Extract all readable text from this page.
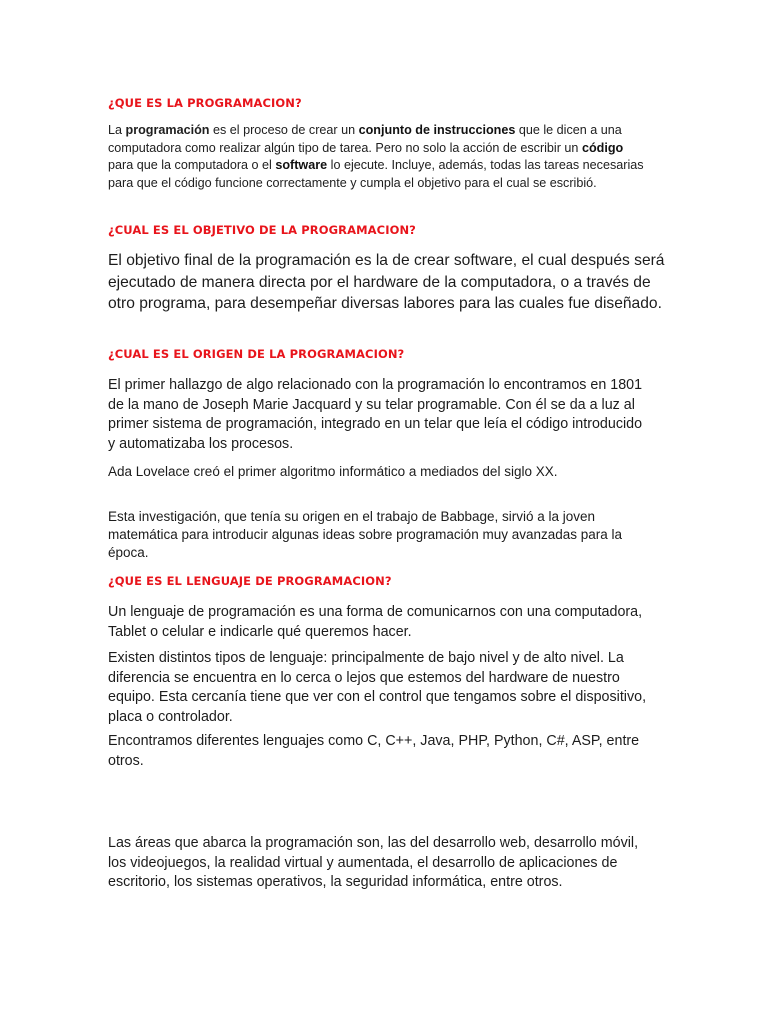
¿QUE ES LA PROGRAMACION?

La programación es el proceso de crear un conjunto de instrucciones que le dicen a una computadora como realizar algún tipo de tarea. Pero no solo la acción de escribir un código para que la computadora o el software lo ejecute. Incluye, además, todas las tareas necesarias para que el código funcione correctamente y cumpla el objetivo para el cual se escribió.

¿CUAL ES EL OBJETIVO DE LA PROGRAMACION?

El objetivo final de la programación es la de crear software, el cual después será ejecutado de manera directa por el hardware de la computadora, o a través de otro programa, para desempeñar diversas labores para las cuales fue diseñado.

¿CUAL ES EL ORIGEN DE LA PROGRAMACION?

El primer hallazgo de algo relacionado con la programación lo encontramos en 1801 de la mano de Joseph Marie Jacquard y su telar programable. Con él se da a luz al primer sistema de programación, integrado en un telar que leía el código introducido y automatizaba los procesos.

Ada Lovelace creó el primer algoritmo informático a mediados del siglo XX.

Esta investigación, que tenía su origen en el trabajo de Babbage, sirvió a la joven matemática para introducir algunas ideas sobre programación muy avanzadas para la época.

¿QUE ES EL LENGUAJE DE PROGRAMACION?

Un lenguaje de programación es una forma de comunicarnos con una computadora, Tablet o celular e indicarle qué queremos hacer.

Existen distintos tipos de lenguaje: principalmente de bajo nivel y de alto nivel. La diferencia se encuentra en lo cerca o lejos que estemos del hardware de nuestro equipo. Esta cercanía tiene que ver con el control que tengamos sobre el dispositivo, placa o controlador.

Encontramos diferentes lenguajes como C, C++, Java, PHP, Python, C#, ASP, entre otros.

Las áreas que abarca la programación son, las del desarrollo web, desarrollo móvil, los videojuegos, la realidad virtual y aumentada, el desarrollo de aplicaciones de escritorio, los sistemas operativos, la seguridad informática, entre otros.
